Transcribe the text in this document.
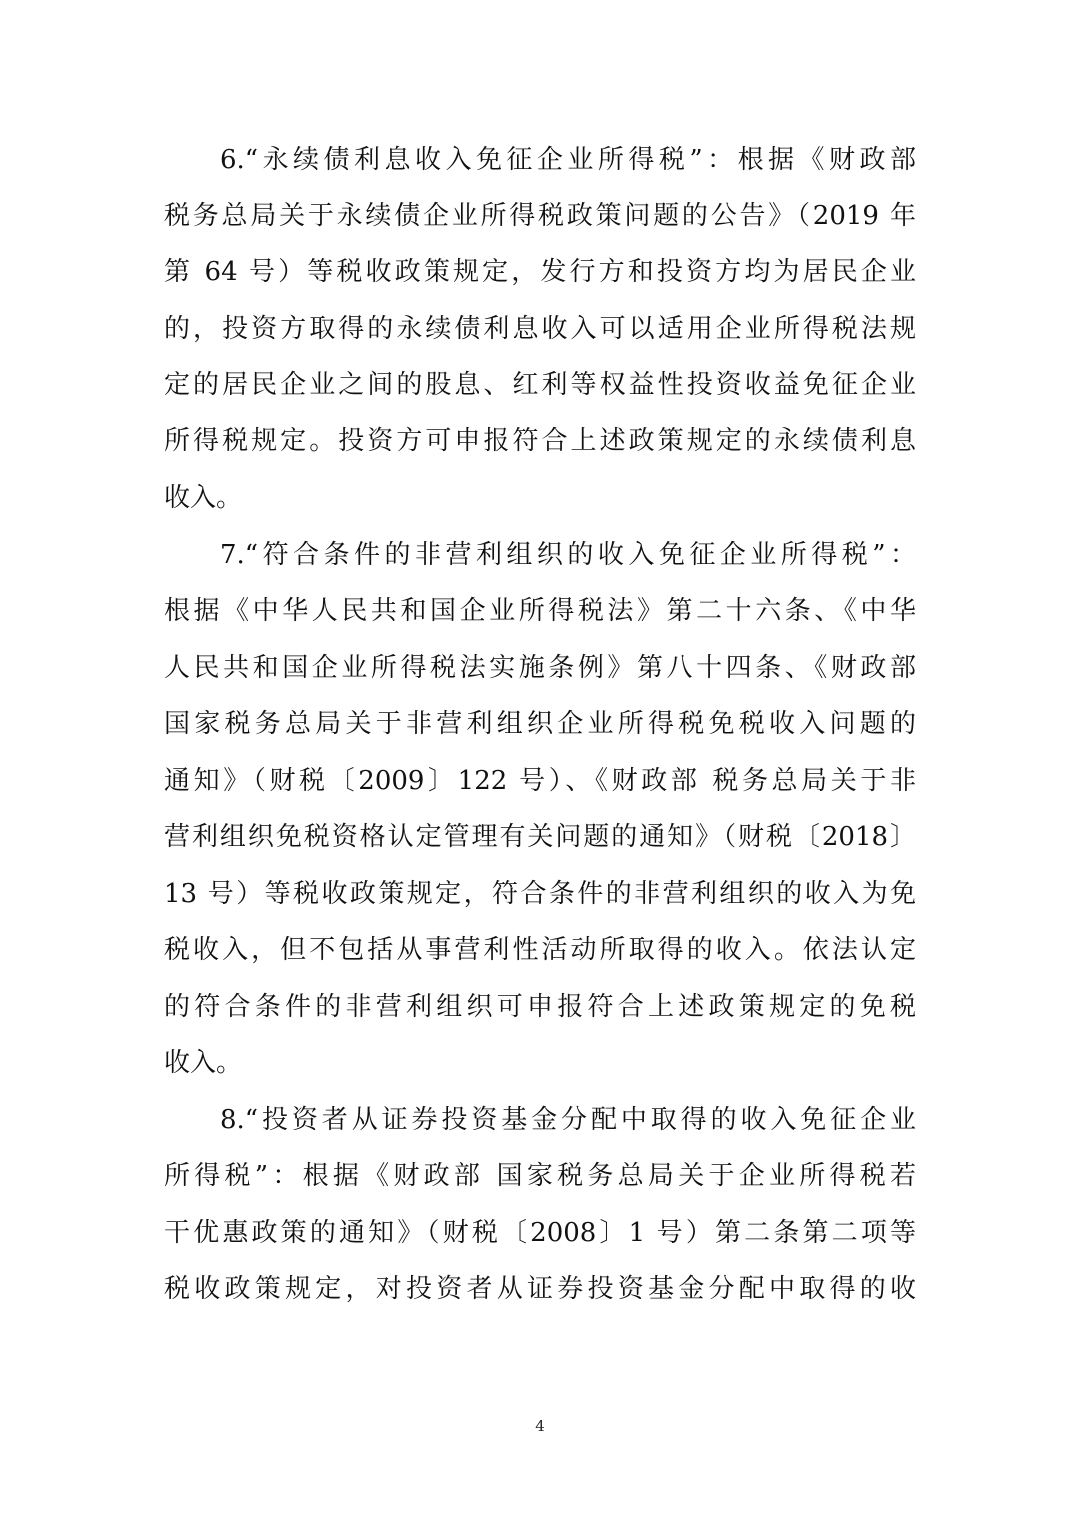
6.“永续债利息收入免征企业所得税”：根据《财政部
税务总局关于永续债企业所得税政策问题的公告》（2019 年
第 64 号）等税收政策规定，发行方和投资方均为居民企业
的，投资方取得的永续债利息收入可以适用企业所得税法规
定的居民企业之间的股息、红利等权益性投资收益免征企业
所得税规定。投资方可申报符合上述政策规定的永续债利息
收入。
7.“符合条件的非营利组织的收入免征企业所得税”：
根据《中华人民共和国企业所得税法》第二十六条、《中华
人民共和国企业所得税法实施条例》第八十四条、《财政部
国家税务总局关于非营利组织企业所得税免税收入问题的
通知》（财税〔2009〕122 号）、《财政部 税务总局关于非
营利组织免税资格认定管理有关问题的通知》（财税〔2018〕
13 号）等税收政策规定，符合条件的非营利组织的收入为免
税收入，但不包括从事营利性活动所取得的收入。依法认定
的符合条件的非营利组织可申报符合上述政策规定的免税
收入。
8.“投资者从证券投资基金分配中取得的收入免征企业
所得税”：根据《财政部 国家税务总局关于企业所得税若
干优惠政策的通知》（财税〔2008〕1 号）第二条第二项等
税收政策规定，对投资者从证券投资基金分配中取得的收
4
